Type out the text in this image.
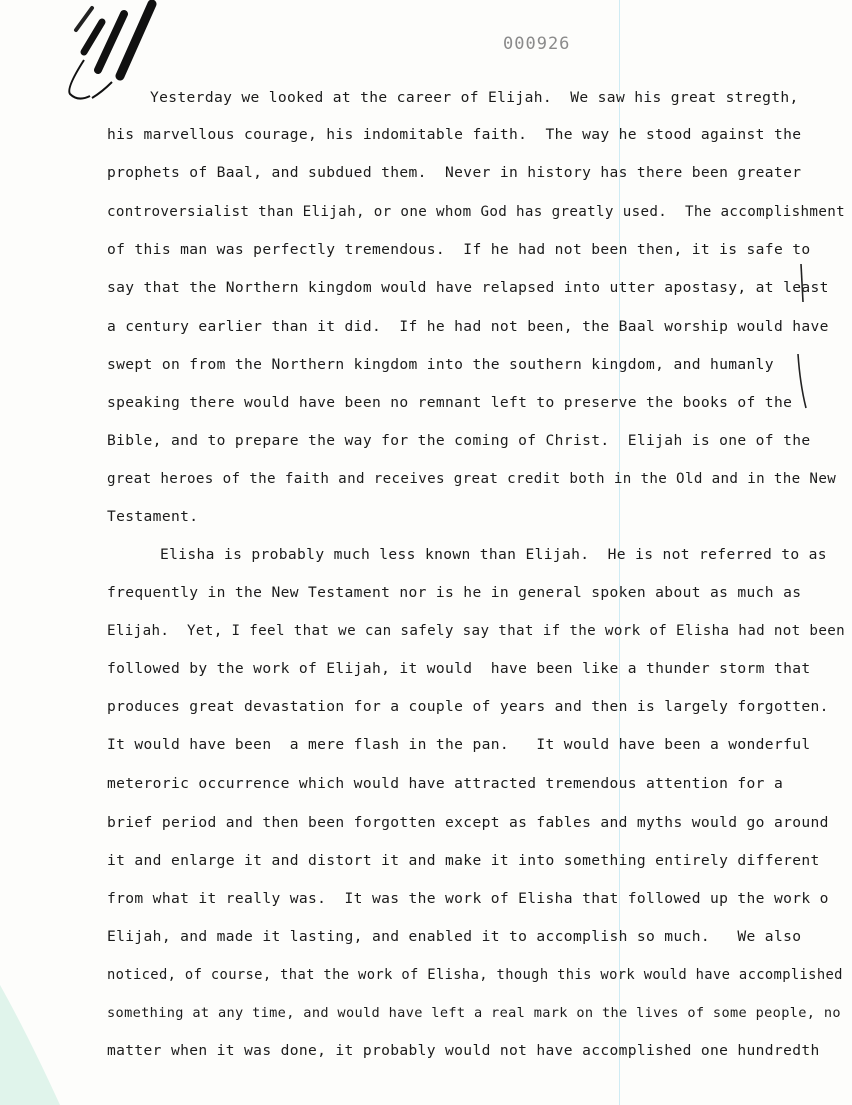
000926
Yesterday we looked at the career of Elijah.  We saw his great stregth,
his marvellous courage, his indomitable faith.  The way he stood against the
prophets of Baal, and subdued them.  Never in history has there been greater
controversialist than Elijah, or one whom God has greatly used.  The accomplishment
of this man was perfectly tremendous.  If he had not been then, it is safe to
say that the Northern kingdom would have relapsed into utter apostasy, at least
a century earlier than it did.  If he had not been, the Baal worship would have
swept on from the Northern kingdom into the southern kingdom, and humanly
speaking there would have been no remnant left to preserve the books of the
Bible, and to prepare the way for the coming of Christ.  Elijah is one of the
great heroes of the faith and receives great credit both in the Old and in the New
Testament.
Elisha is probably much less known than Elijah.  He is not referred to as
frequently in the New Testament nor is he in general spoken about as much as
Elijah.  Yet, I feel that we can safely say that if the work of Elisha had not been
followed by the work of Elijah, it would  have been like a thunder storm that
produces great devastation for a couple of years and then is largely forgotten.
It would have been  a mere flash in the pan.   It would have been a wonderful
meteroric occurrence which would have attracted tremendous attention for a
brief period and then been forgotten except as fables and myths would go around
it and enlarge it and distort it and make it into something entirely different
from what it really was.  It was the work of Elisha that followed up the work o
Elijah, and made it lasting, and enabled it to accomplish so much.   We also
noticed, of course, that the work of Elisha, though this work would have accomplished
something at any time, and would have left a real mark on the lives of some people, no
matter when it was done, it probably would not have accomplished one hundredth
